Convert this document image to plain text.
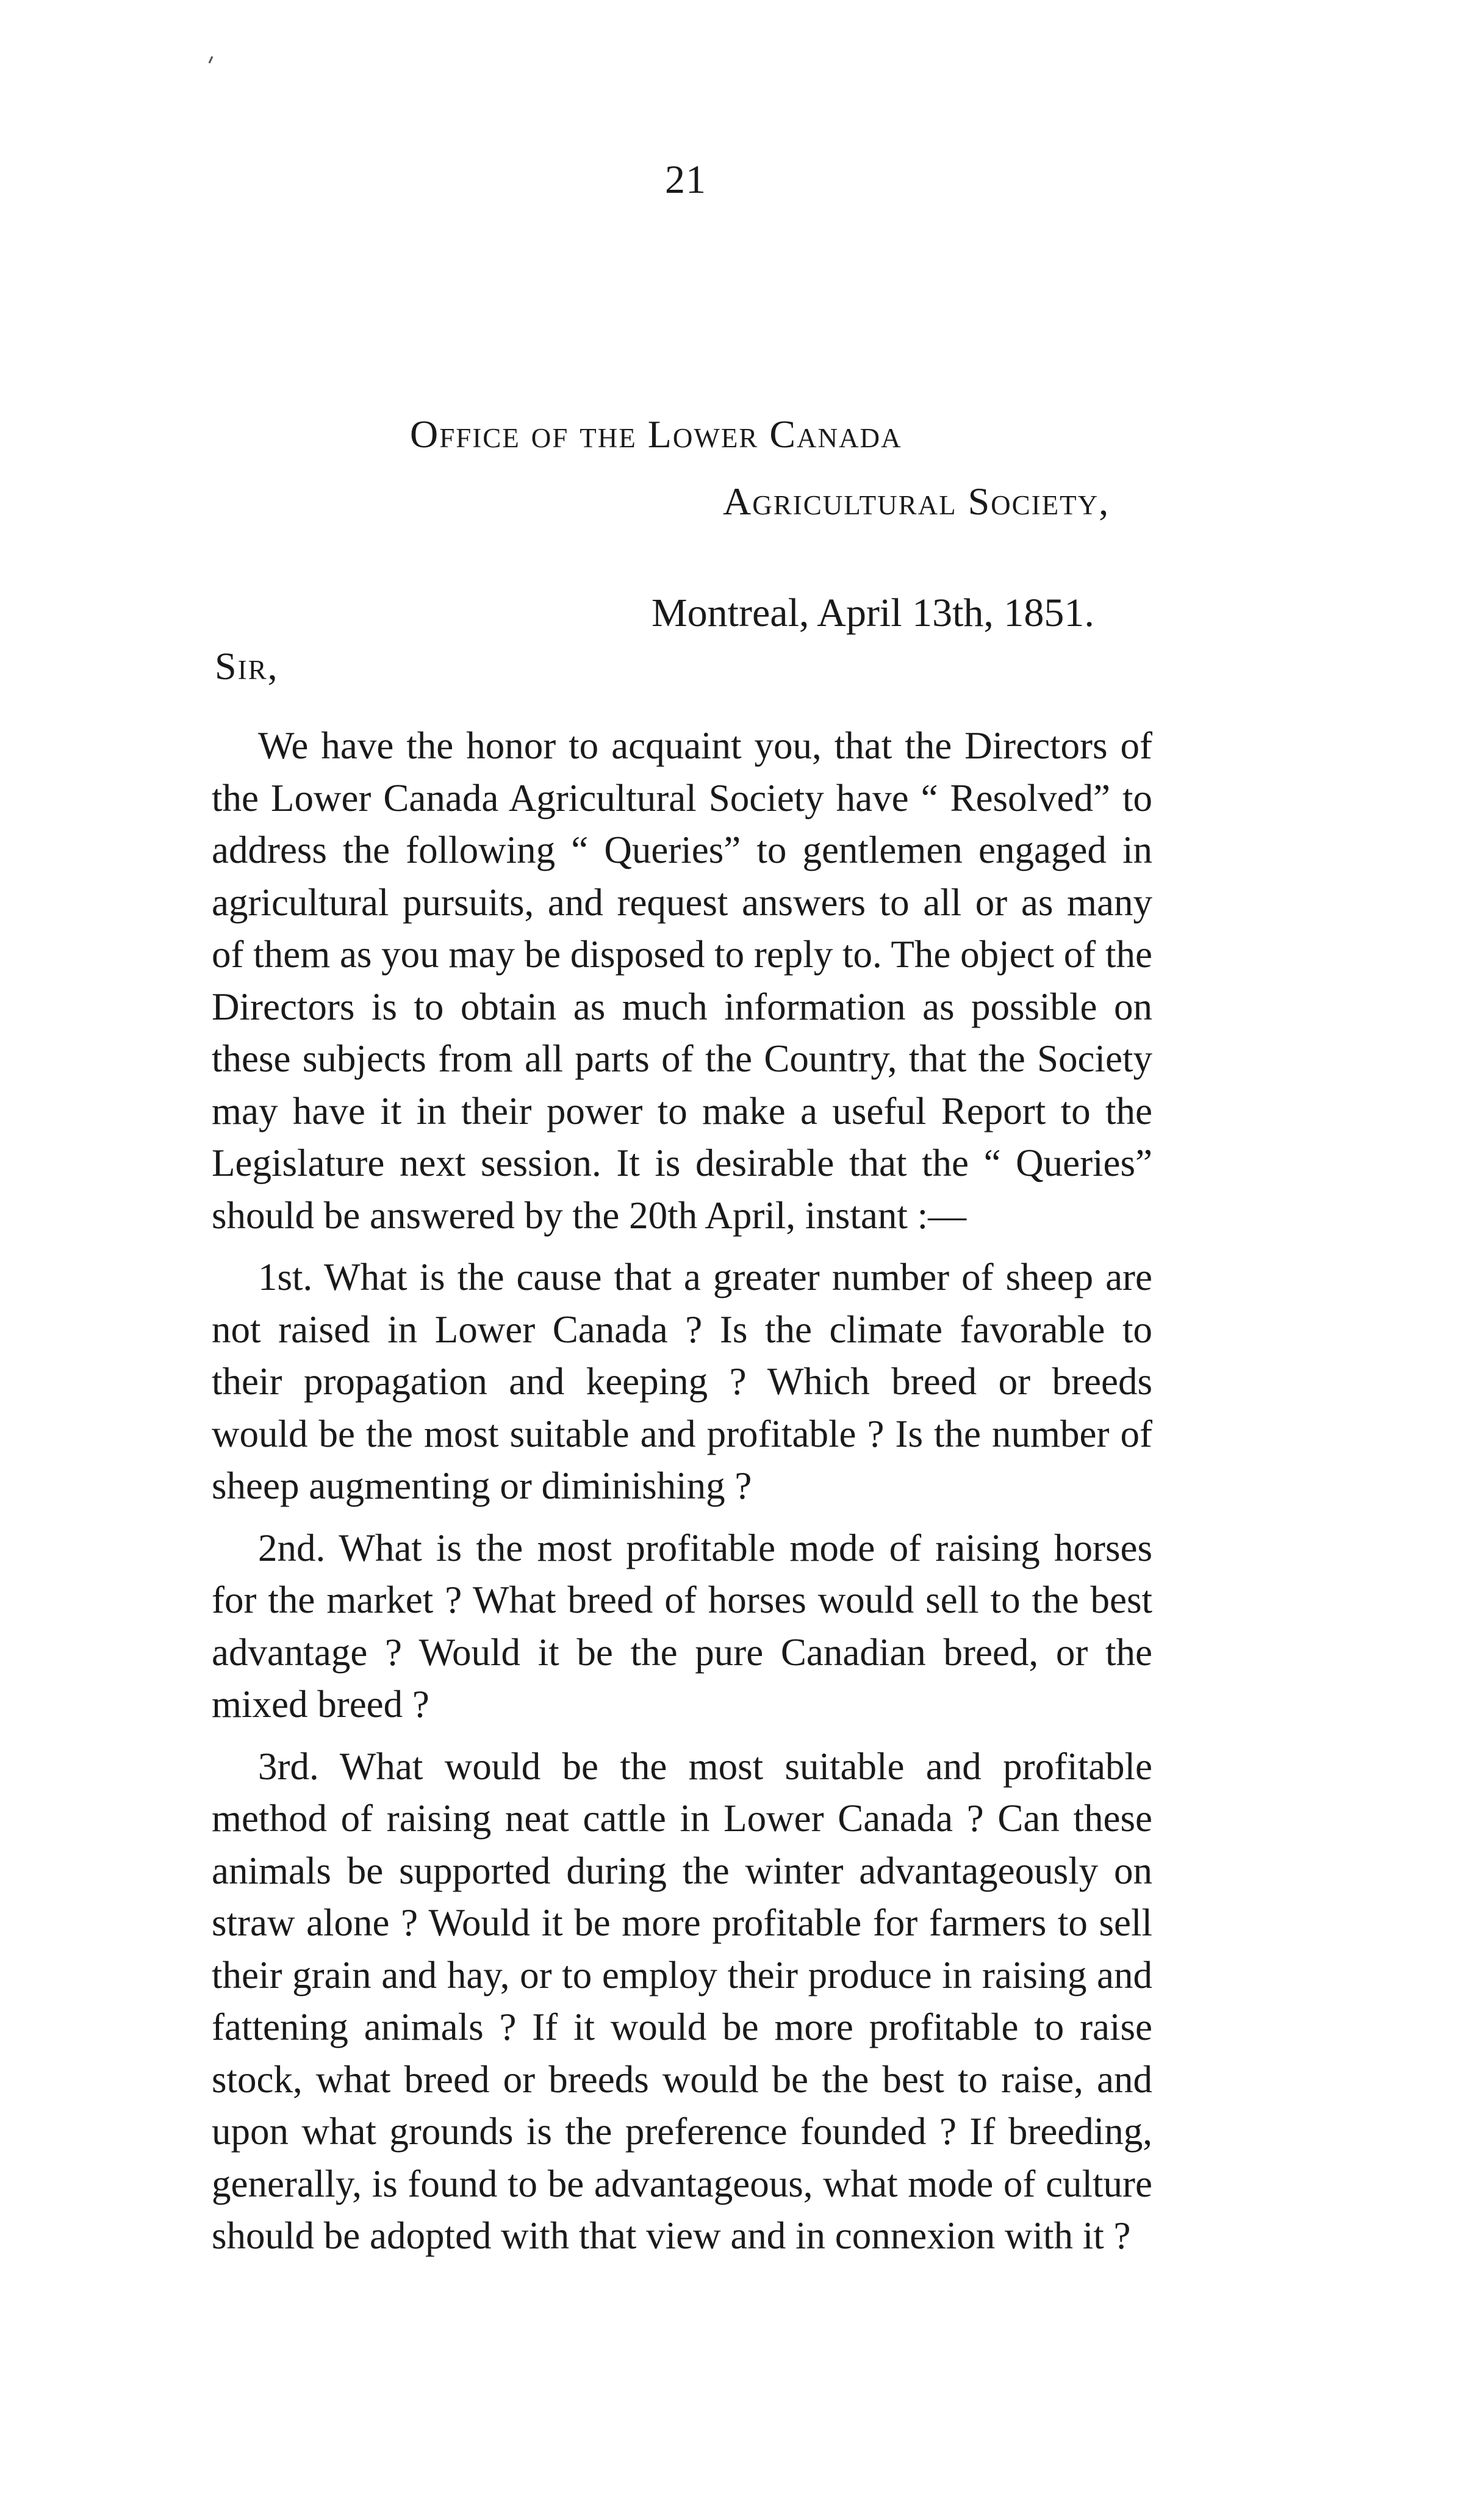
21
Office of the Lower Canada
Agricultural Society,
Montreal, April 13th, 1851.
Sir,

We have the honor to acquaint you, that the Directors of the Lower Canada Agricultural Society have “ Resolved” to address the following “ Queries” to gentlemen engaged in agricultural pursuits, and request answers to all or as many of them as you may be disposed to reply to. The object of the Directors is to obtain as much information as possible on these subjects from all parts of the Country, that the Society may have it in their power to make a useful Report to the Legislature next session. It is desirable that the “ Queries” should be answered by the 20th April, instant :—

1st. What is the cause that a greater number of sheep are not raised in Lower Canada ? Is the climate favorable to their propagation and keeping ? Which breed or breeds would be the most suitable and profitable ? Is the number of sheep augmenting or diminishing ?

2nd. What is the most profitable mode of raising horses for the market ? What breed of horses would sell to the best advantage ? Would it be the pure Canadian breed, or the mixed breed ?

3rd. What would be the most suitable and profitable method of raising neat cattle in Lower Canada ? Can these animals be supported during the winter advantageously on straw alone ? Would it be more profitable for farmers to sell their grain and hay, or to employ their produce in raising and fattening animals ? If it would be more profitable to raise stock, what breed or breeds would be the best to raise, and upon what grounds is the preference founded ? If breeding, generally, is found to be advantageous, what mode of culture should be adopted with that view and in connexion with it ?
